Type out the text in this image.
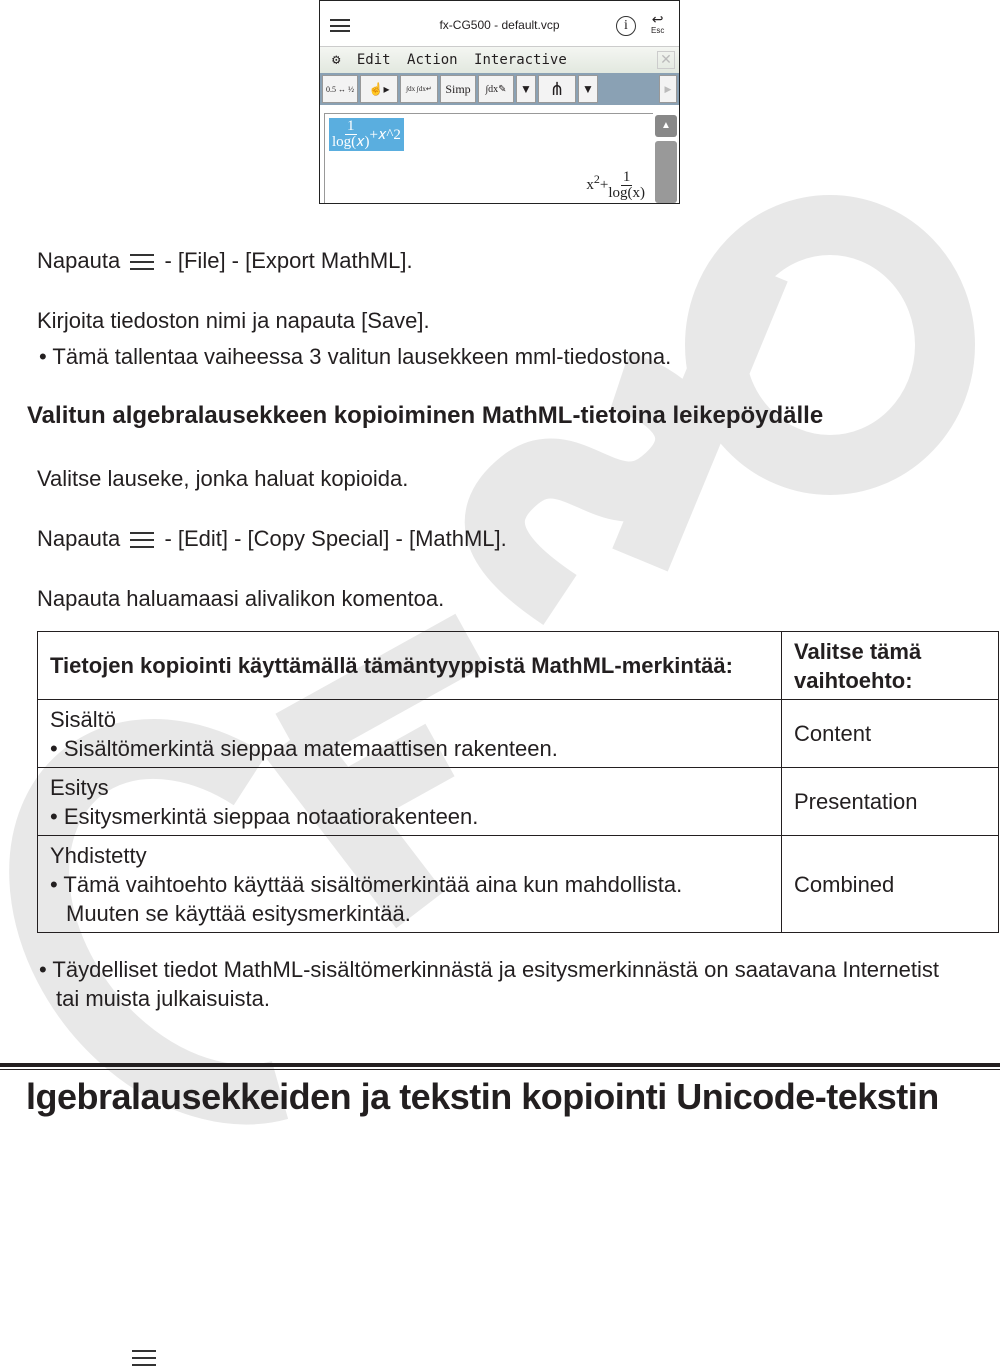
fx-CG500 - default.vcp	i	↩
Esc
⚙ Edit Action Interactive	✕
0.5 ↔ ½	☝▸	∫dx ∫dx↵	Simp	∫dx✎	▼ ⋔	▼	▶
$\frac{1}{\text{log(𝑥)}}$ +𝑥^2
$x^2 + \frac{1}{\log(x)}$
▲
Napauta - [File] - [Export MathML].
Kirjoita tiedoston nimi ja napauta [Save].
• Tämä tallentaa vaiheessa 3 valitun lausekkeen mml-tiedostona.
Valitun algebralausekkeen kopioiminen MathML-tietoina leikepöydälle
Valitse lauseke, jonka haluat kopioida.
Napauta - [Edit] - [Copy Special] - [MathML].
Napauta haluamaasi alivalikon komentoa.
Tietojen kopiointi käyttämällä tämäntyyppistä MathML-merkintää:	Valitse tämä vaihtoehto:

Sisältö
• Sisältömerkintä sieppaa matemaattisen rakenteen.	Content

Esitys
• Esitysmerkintä sieppaa notaatiorakenteen.	Presentation

Yhdistetty
• Tämä vaihtoehto käyttää sisältömerkintää aina kun mahdollista.
Muuten se käyttää esitysmerkintää.	Combined
• Täydelliset tiedot MathML-sisältömerkinnästä ja esitysmerkinnästä on saatavana Internetist
tai muista julkaisuista.
lgebralausekkeiden ja tekstin kopiointi Unicode-tekstin
